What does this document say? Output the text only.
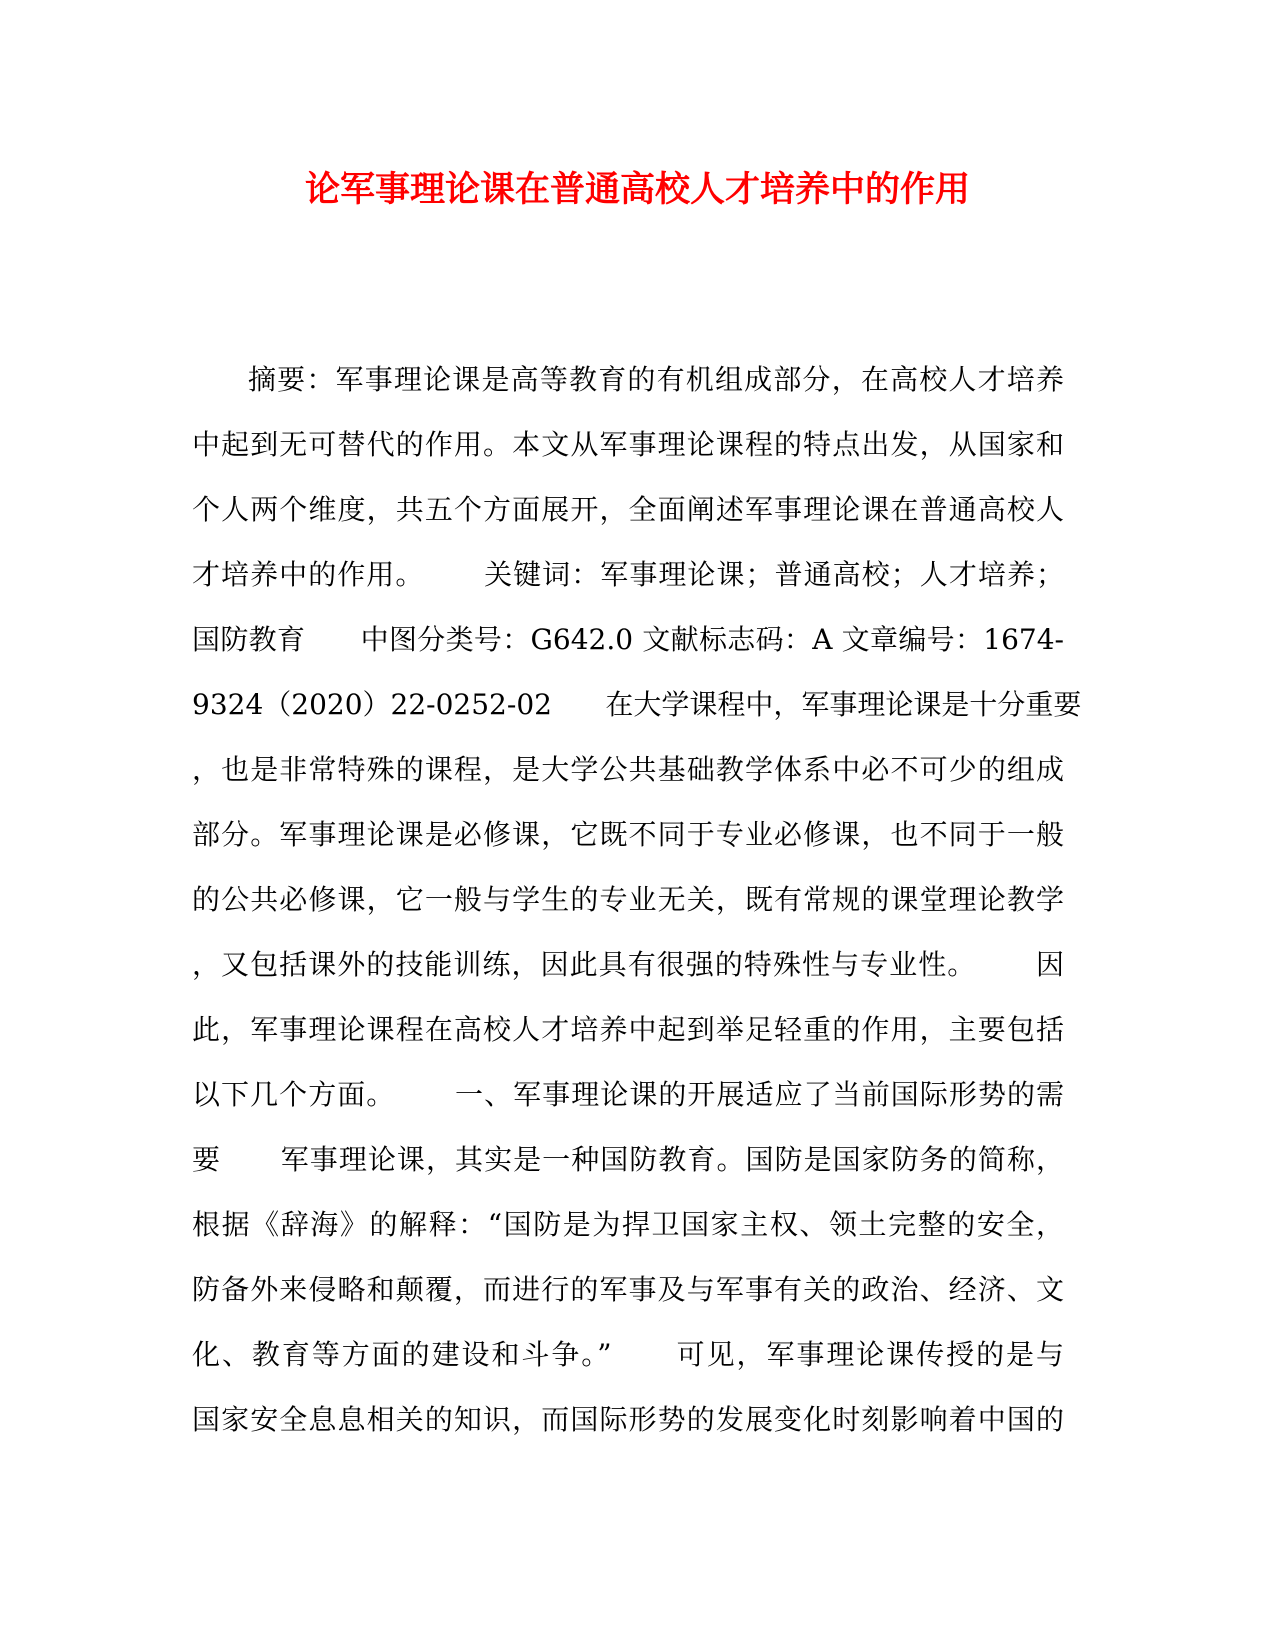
论军事理论课在普通高校人才培养中的作用
摘要：军事理论课是高等教育的有机组成部分，在高校人才培养
中起到无可替代的作用。本文从军事理论课程的特点出发，从国家和
个人两个维度，共五个方面展开，全面阐述军事理论课在普通高校人
才培养中的作用。      关键词：军事理论课；普通高校；人才培养；
国防教育      中图分类号：G642.0 文献标志码：A 文章编号：1674-
9324（2020）22-0252-02      在大学课程中，军事理论课是十分重要
，也是非常特殊的课程，是大学公共基础教学体系中必不可少的组成
部分。军事理论课是必修课，它既不同于专业必修课，也不同于一般
的公共必修课，它一般与学生的专业无关，既有常规的课堂理论教学
，又包括课外的技能训练，因此具有很强的特殊性与专业性。      因
此，军事理论课程在高校人才培养中起到举足轻重的作用，主要包括
以下几个方面。      一、军事理论课的开展适应了当前国际形势的需
要      军事理论课，其实是一种国防教育。国防是国家防务的简称，
根据《辞海》的解释：“国防是为捍卫国家主权、领土完整的安全，
防备外来侵略和颠覆，而进行的军事及与军事有关的政治、经济、文
化、教育等方面的建设和斗争。”      可见，军事理论课传授的是与
国家安全息息相关的知识，而国际形势的发展变化时刻影响着中国的
